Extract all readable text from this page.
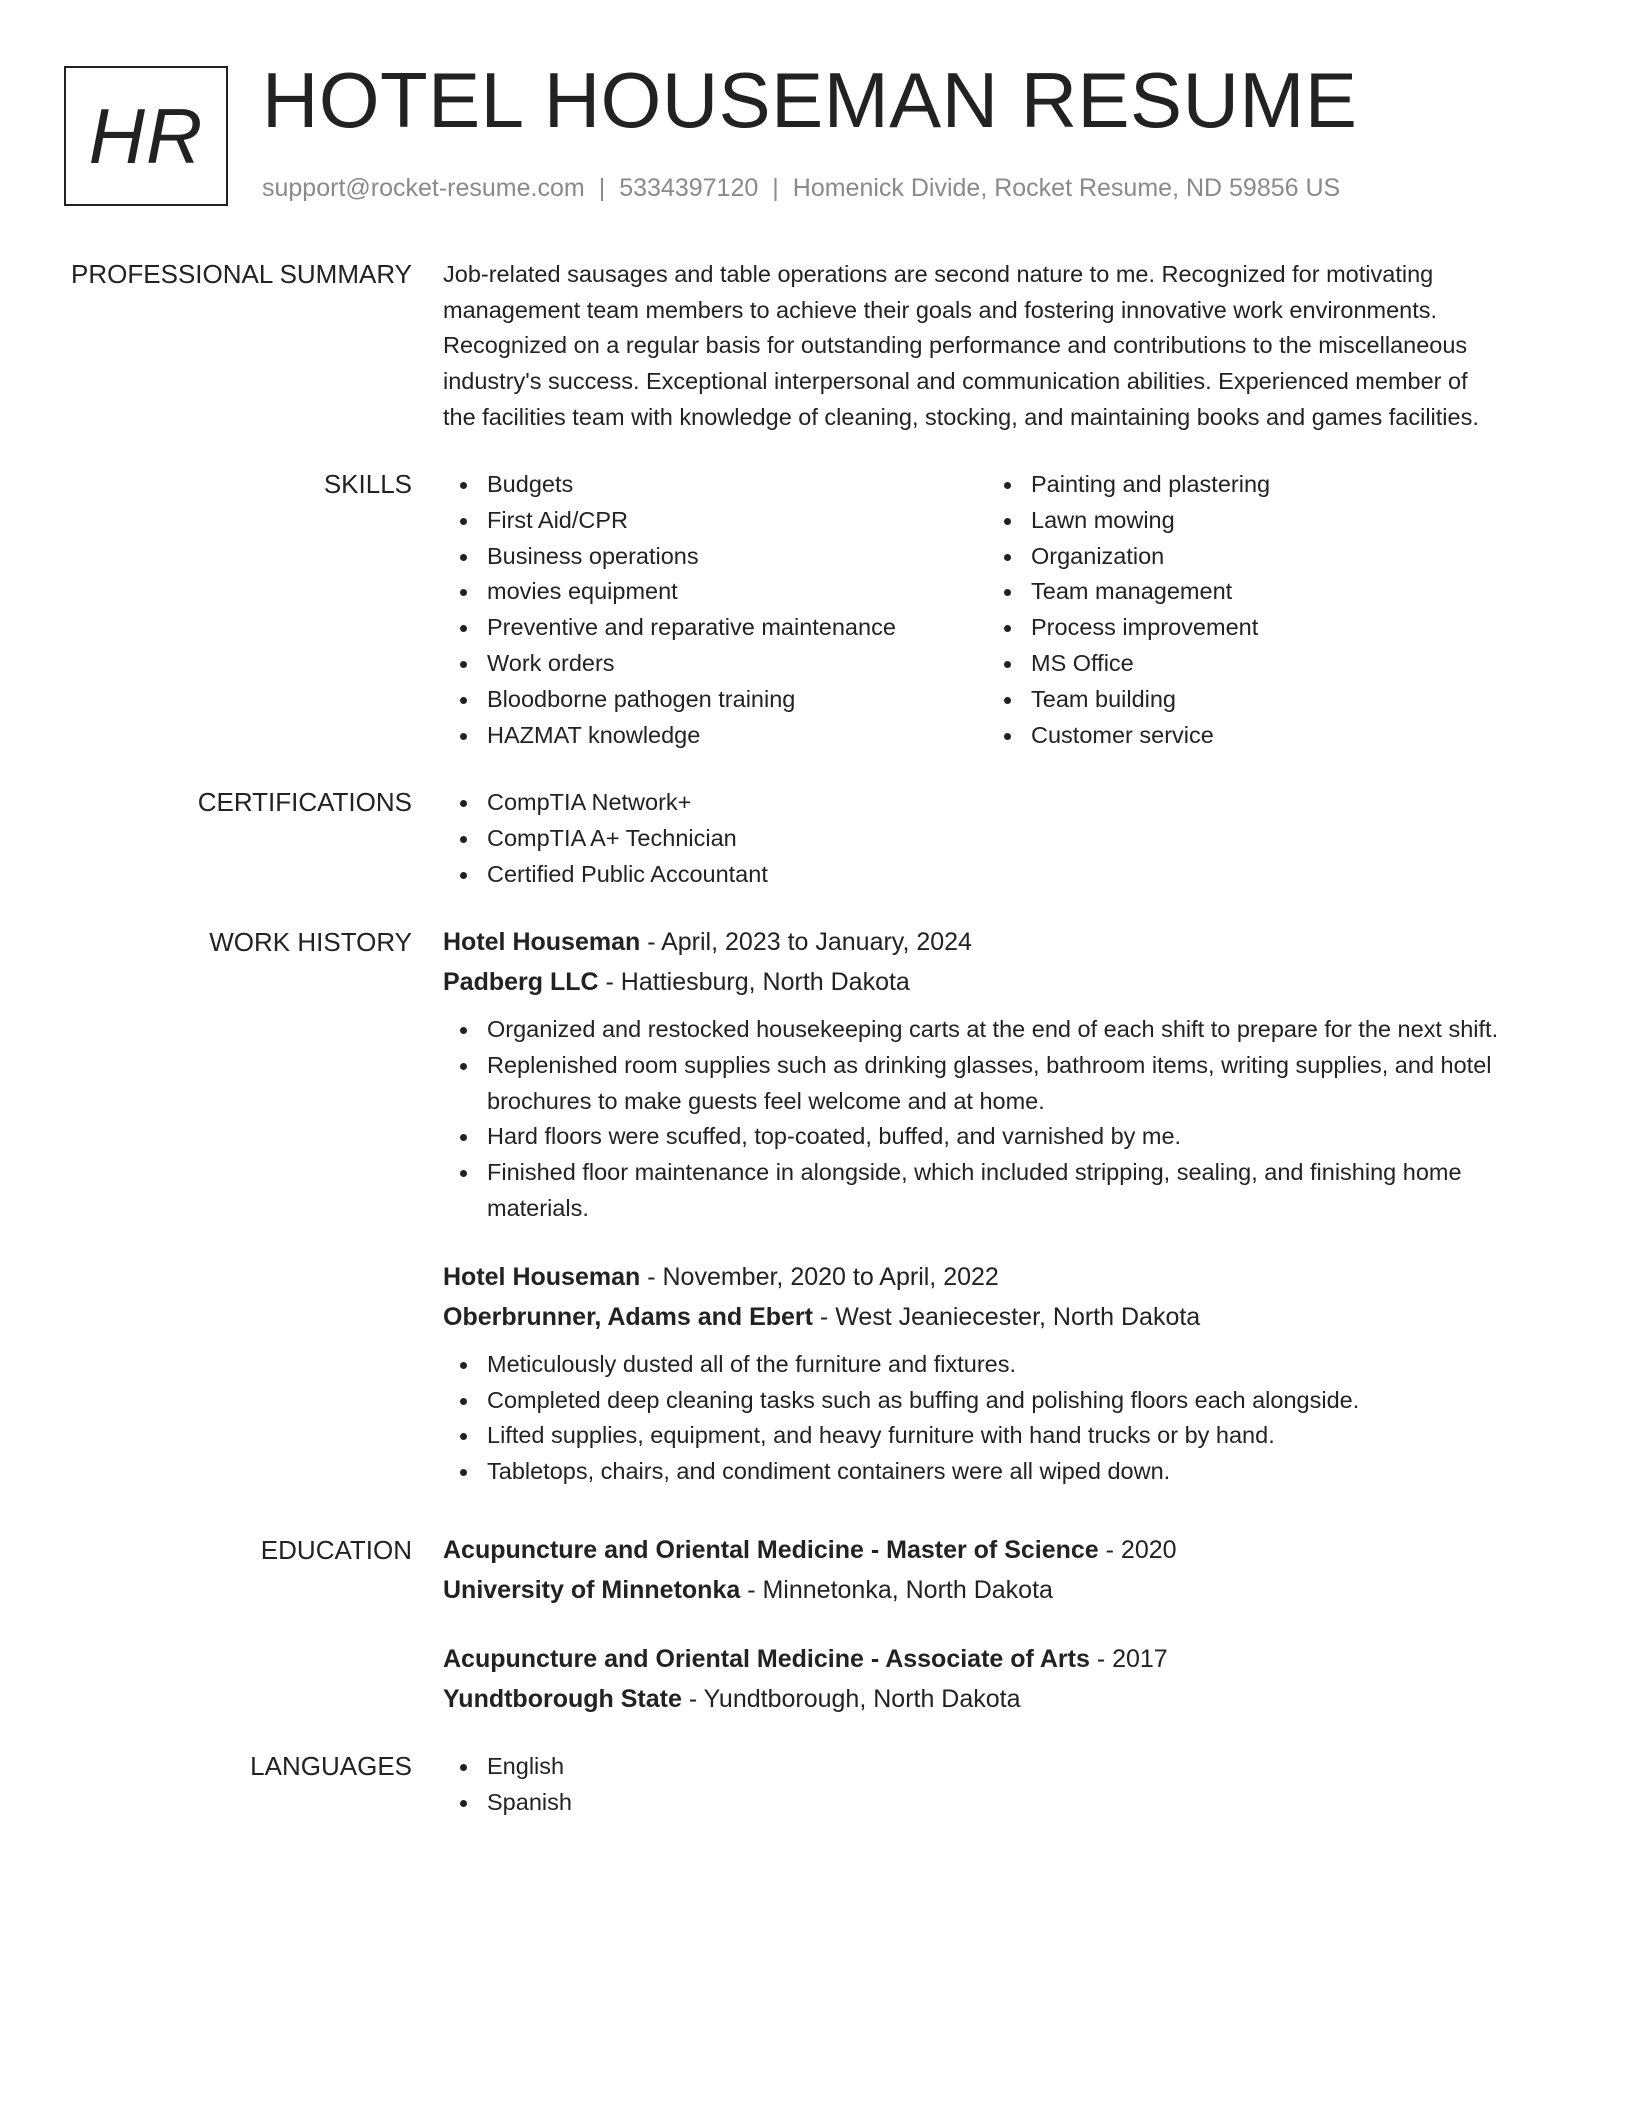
HR HOTEL HOUSEMAN RESUME
support@rocket-resume.com | 5334397120 | Homenick Divide, Rocket Resume, ND 59856 US
PROFESSIONAL SUMMARY Job-related sausages and table operations are second nature to me. Recognized for motivating
management team members to achieve their goals and fostering innovative work environments.
Recognized on a regular basis for outstanding performance and contributions to the miscellaneous
industry's success. Exceptional interpersonal and communication abilities. Experienced member of
the facilities team with knowledge of cleaning, stocking, and maintaining books and games facilities.

SKILLS	Budgets
First Aid/CPR
Business operations
movies equipment
Preventive and reparative maintenance
Work orders
Bloodborne pathogen training
HAZMAT knowledge
Painting and plastering
Lawn mowing
Organization
Team management
Process improvement
MS Office
Team building
Customer service
CERTIFICATIONS	CompTIA Network+
CompTIA A+ Technician
Certified Public Accountant
WORK HISTORY Hotel Houseman - April, 2023 to January, 2024
Padberg LLC - Hattiesburg, North Dakota
Organized and restocked housekeeping carts at the end of each shift to prepare for the next shift.
Replenished room supplies such as drinking glasses, bathroom items, writing supplies, and hotel brochures to make guests feel welcome and at home.
Hard floors were scuffed, top-coated, buffed, and varnished by me.
Finished floor maintenance in alongside, which included stripping, sealing, and finishing home materials.
Hotel Houseman - November, 2020 to April, 2022
Oberbrunner, Adams and Ebert - West Jeaniecester, North Dakota
Meticulously dusted all of the furniture and fixtures.
Completed deep cleaning tasks such as buffing and polishing floors each alongside.
Lifted supplies, equipment, and heavy furniture with hand trucks or by hand.
Tabletops, chairs, and condiment containers were all wiped down.
EDUCATION Acupuncture and Oriental Medicine - Master of Science - 2020
University of Minnetonka - Minnetonka, North Dakota
Acupuncture and Oriental Medicine - Associate of Arts - 2017
Yundtborough State - Yundtborough, North Dakota
LANGUAGES	English
Spanish
